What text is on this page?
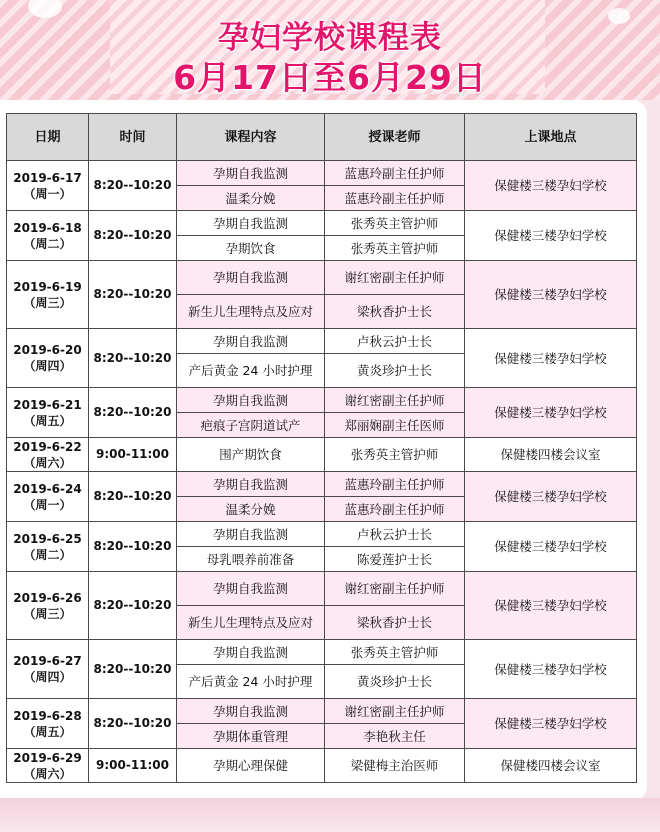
孕妇学校课程表
6月17日至6月29日
日期	时间	课程内容	授课老师	上课地点

2019-6-17
（周一）	8:20--10:20	孕期自我监测	蓝惠玲副主任护师	保健楼三楼孕妇学校
		温柔分娩	蓝惠玲副主任护师	

2019-6-18
（周二）	8:20--10:20	孕期自我监测	张秀英主管护师	保健楼三楼孕妇学校
		孕期饮食	张秀英主管护师	

2019-6-19
（周三）	8:20--10:20	孕期自我监测	谢红密副主任护师	保健楼三楼孕妇学校
		新生儿生理特点及应对	梁秋香护士长	

2019-6-20
（周四）	8:20--10:20	孕期自我监测	卢秋云护士长	保健楼三楼孕妇学校
		产后黄金 24 小时护理	黄炎珍护士长	

2019-6-21
（周五）	8:20--10:20	孕期自我监测	谢红密副主任护师	保健楼三楼孕妇学校
		疤痕子宫阴道试产	郑丽娴副主任医师	

2019-6-22
（周六）	9:00-11:00	围产期饮食	张秀英主管护师	保健楼四楼会议室

2019-6-24
（周一）	8:20--10:20	孕期自我监测	蓝惠玲副主任护师	保健楼三楼孕妇学校
		温柔分娩	蓝惠玲副主任护师	

2019-6-25
（周二）	8:20--10:20	孕期自我监测	卢秋云护士长	保健楼三楼孕妇学校
		母乳喂养前准备	陈爱莲护士长	

2019-6-26
（周三）	8:20--10:20	孕期自我监测	谢红密副主任护师	保健楼三楼孕妇学校
		新生儿生理特点及应对	梁秋香护士长	

2019-6-27
（周四）	8:20--10:20	孕期自我监测	张秀英主管护师	保健楼三楼孕妇学校
		产后黄金 24 小时护理	黄炎珍护士长	

2019-6-28
（周五）	8:20--10:20	孕期自我监测	谢红密副主任护师	保健楼三楼孕妇学校
		孕期体重管理	李艳秋主任	

2019-6-29
（周六）	9:00-11:00	孕期心理保健	梁健梅主治医师	保健楼四楼会议室
